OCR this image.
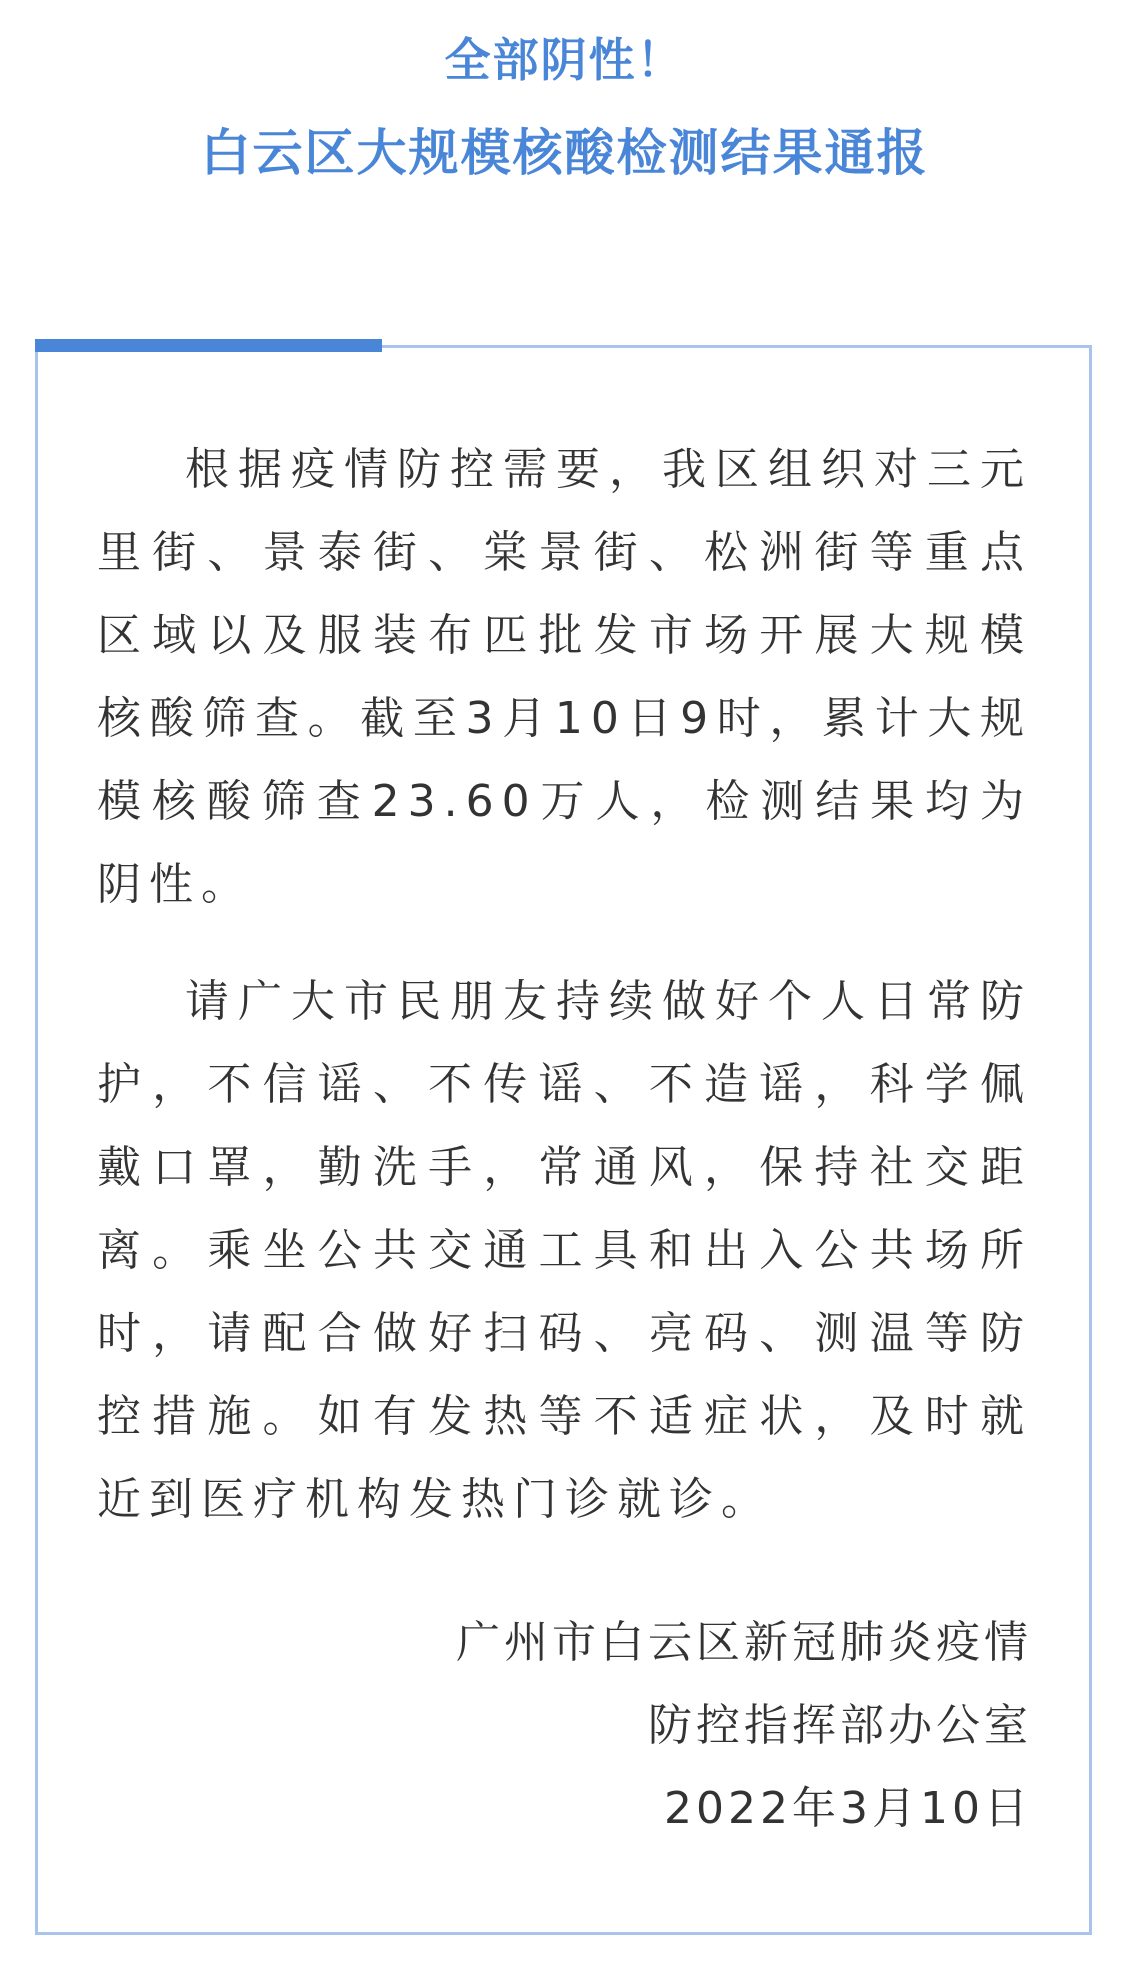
全部阴性！
白云区大规模核酸检测结果通报
根据疫情防控需要，我区组织对三元里街、景泰街、棠景街、松洲街等重点区域以及服装布匹批发市场开展大规模核酸筛查。截至3月10日9时，累计大规模核酸筛查23.60万人，检测结果均为阴性。
请广大市民朋友持续做好个人日常防护，不信谣、不传谣、不造谣，科学佩戴口罩，勤洗手，常通风，保持社交距离。乘坐公共交通工具和出入公共场所时，请配合做好扫码、亮码、测温等防控措施。如有发热等不适症状，及时就近到医疗机构发热门诊就诊。
广州市白云区新冠肺炎疫情
防控指挥部办公室
2022年3月10日
